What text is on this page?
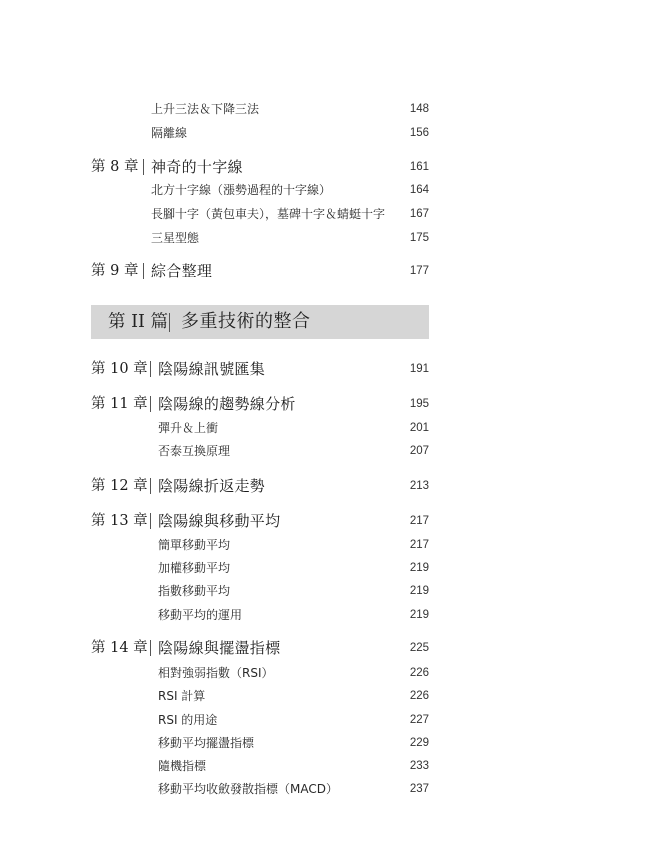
上升三法＆下降三法	148
隔離線	156
第 8 章 神奇的十字線	161
北方十字線（漲勢過程的十字線）	164
長腳十字（黃包車夫），墓碑十字＆蜻蜓十字	167
三星型態	175
第 9 章 綜合整理	177
第 II 篇 多重技術的整合
第 10 章 陰陽線訊號匯集	191
第 11 章 陰陽線的趨勢線分析	195
彈升＆上衝	201
否泰互換原理	207
第 12 章 陰陽線折返走勢	213
第 13 章 陰陽線與移動平均	217
簡單移動平均	217
加權移動平均	219
指數移動平均	219
移動平均的運用	219
第 14 章 陰陽線與擺盪指標	225
相對強弱指數（RSI）	226
RSI 計算	226
RSI 的用途	227
移動平均擺盪指標	229
隨機指標	233
移動平均收斂發散指標（MACD）	237
